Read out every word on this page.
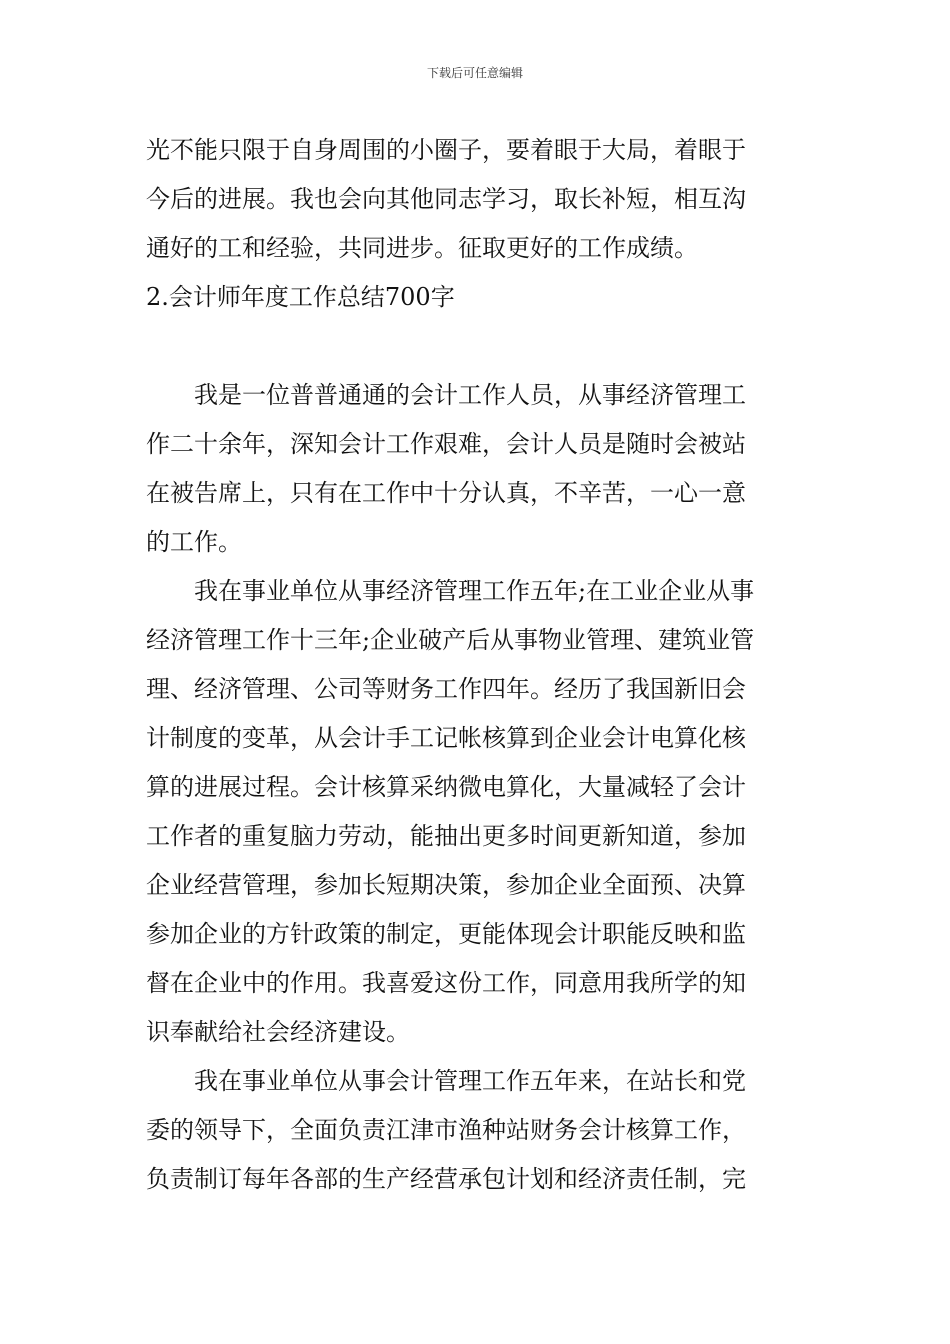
下载后可任意编辑

光不能只限于自身周围的小圈子，要着眼于大局，着眼于

今后的进展。我也会向其他同志学习，取长补短，相互沟

通好的工和经验，共同进步。征取更好的工作成绩。

2.会计师年度工作总结700字

我是一位普普通通的会计工作人员，从事经济管理工

作二十余年，深知会计工作艰难，会计人员是随时会被站

在被告席上，只有在工作中十分认真，不辛苦，一心一意

的工作。

我在事业单位从事经济管理工作五年;在工业企业从事

经济管理工作十三年;企业破产后从事物业管理、建筑业管

理、经济管理、公司等财务工作四年。经历了我国新旧会

计制度的变革，从会计手工记帐核算到企业会计电算化核

算的进展过程。会计核算采纳微电算化，大量减轻了会计

工作者的重复脑力劳动，能抽出更多时间更新知道，参加

企业经营管理，参加长短期决策，参加企业全面预、决算

参加企业的方针政策的制定，更能体现会计职能反映和监

督在企业中的作用。我喜爱这份工作，同意用我所学的知

识奉献给社会经济建设。

我在事业单位从事会计管理工作五年来，在站长和党

委的领导下，全面负责江津市渔种站财务会计核算工作，

负责制订每年各部的生产经营承包计划和经济责任制，完
